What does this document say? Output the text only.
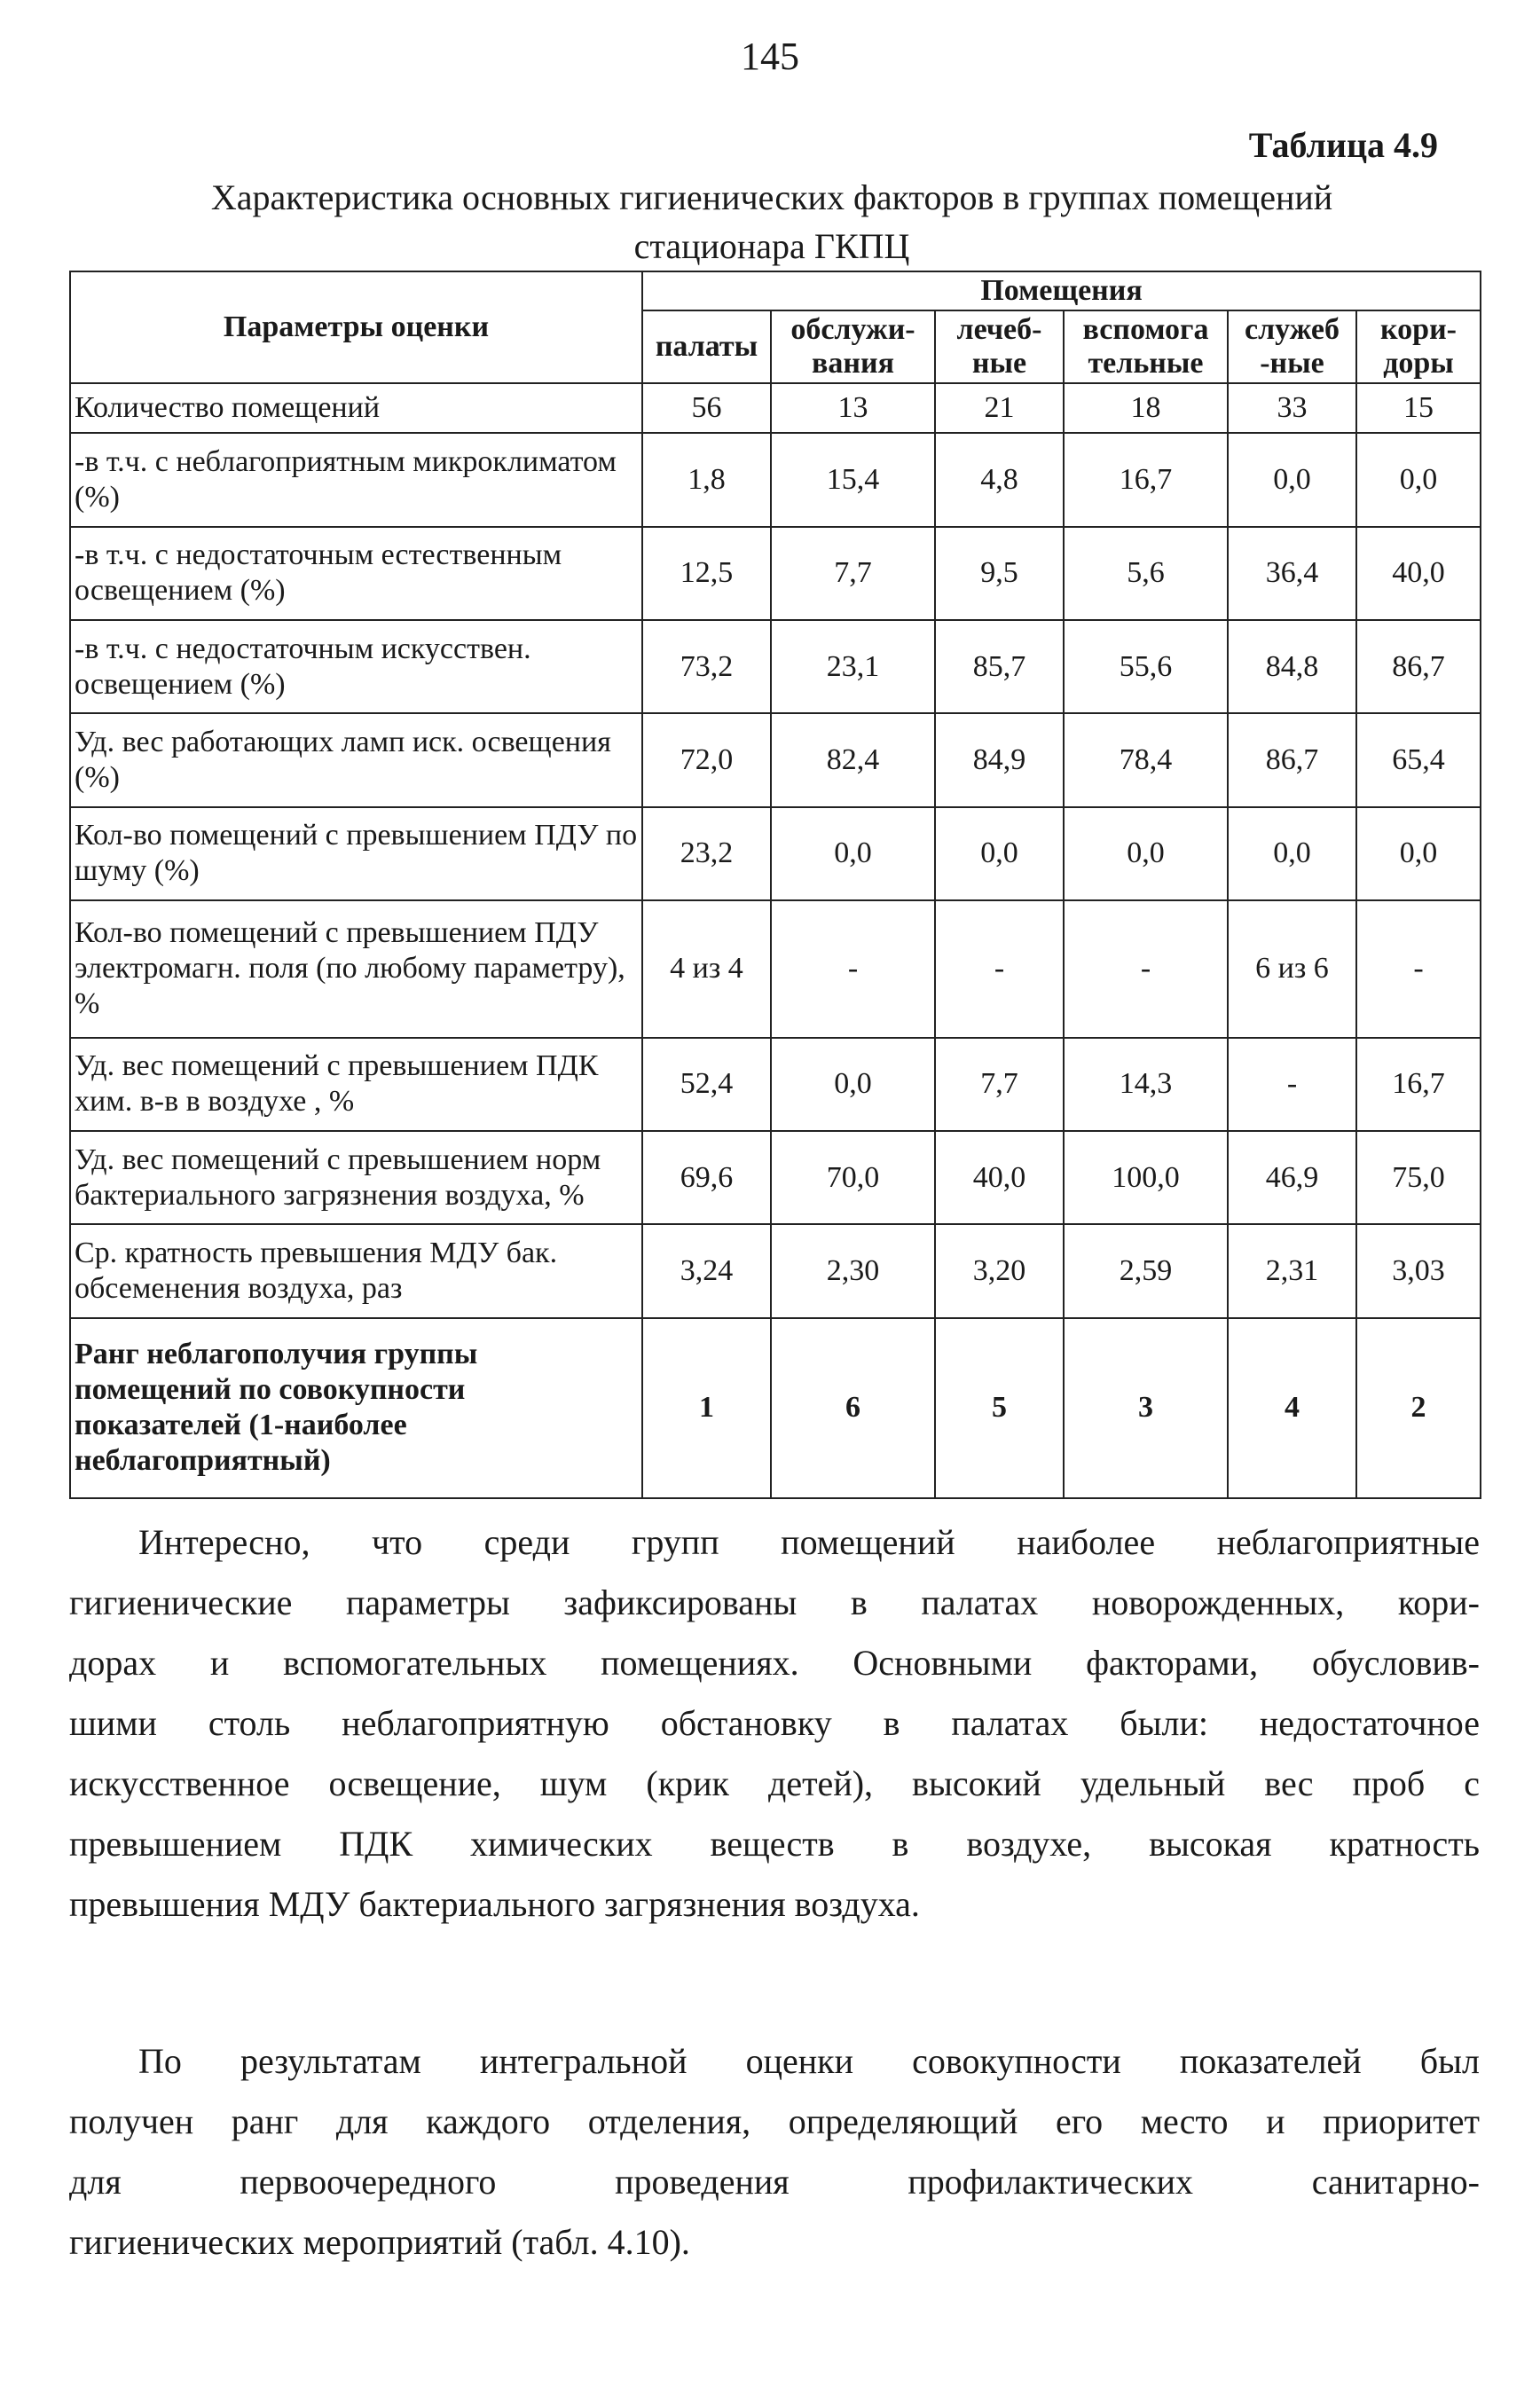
145
Таблица 4.9
Характеристика основных гигиенических факторов в группах помещений стационара ГКПЦ
Параметры оценки	Помещения					
	палаты	обслужи-вания	лечеб-ные	вспомога тельные	служеб -ные	кори-доры
Количество помещений	56	13	21	18	33	15
-в т.ч. с неблагоприятным микроклиматом (%)	1,8	15,4	4,8	16,7	0,0	0,0
-в т.ч. с недостаточным естественным освещением (%)	12,5	7,7	9,5	5,6	36,4	40,0
-в т.ч. с недостаточным искусствен. освещением (%)	73,2	23,1	85,7	55,6	84,8	86,7
Уд. вес работающих ламп иск. освещения (%)	72,0	82,4	84,9	78,4	86,7	65,4
Кол-во помещений с превышением ПДУ по шуму (%)	23,2	0,0	0,0	0,0	0,0	0,0
Кол-во помещений с превышением ПДУ электромагн. поля (по любому параметру), %	4 из 4	-	-	-	6 из 6	-
Уд. вес помещений с превышением ПДК хим. в-в в воздухе , %	52,4	0,0	7,7	14,3	-	16,7
Уд. вес помещений с превышением норм бактериального загрязнения воздуха, %	69,6	70,0	40,0	100,0	46,9	75,0
Ср. кратность превышения МДУ бак. обсеменения воздуха, раз	3,24	2,30	3,20	2,59	2,31	3,03
Ранг неблагополучия группы помещений по совокупности показателей (1-наиболее неблагоприятный)	1	6	5	3	4	2
Интересно, что среди групп помещений наиболее неблагоприятные
гигиенические параметры зафиксированы в палатах новорожденных, кори-
дорах и вспомогательных помещениях. Основными факторами, обусловив-
шими столь неблагоприятную обстановку в палатах были: недостаточное
искусственное освещение, шум (крик детей), высокий удельный вес проб с
превышением ПДК химических веществ в воздухе, высокая кратность
превышения МДУ бактериального загрязнения воздуха.
По результатам интегральной оценки совокупности показателей был
получен ранг для каждого отделения, определяющий его место и приоритет
для первоочередного проведения профилактических санитарно-
гигиенических мероприятий (табл. 4.10).
